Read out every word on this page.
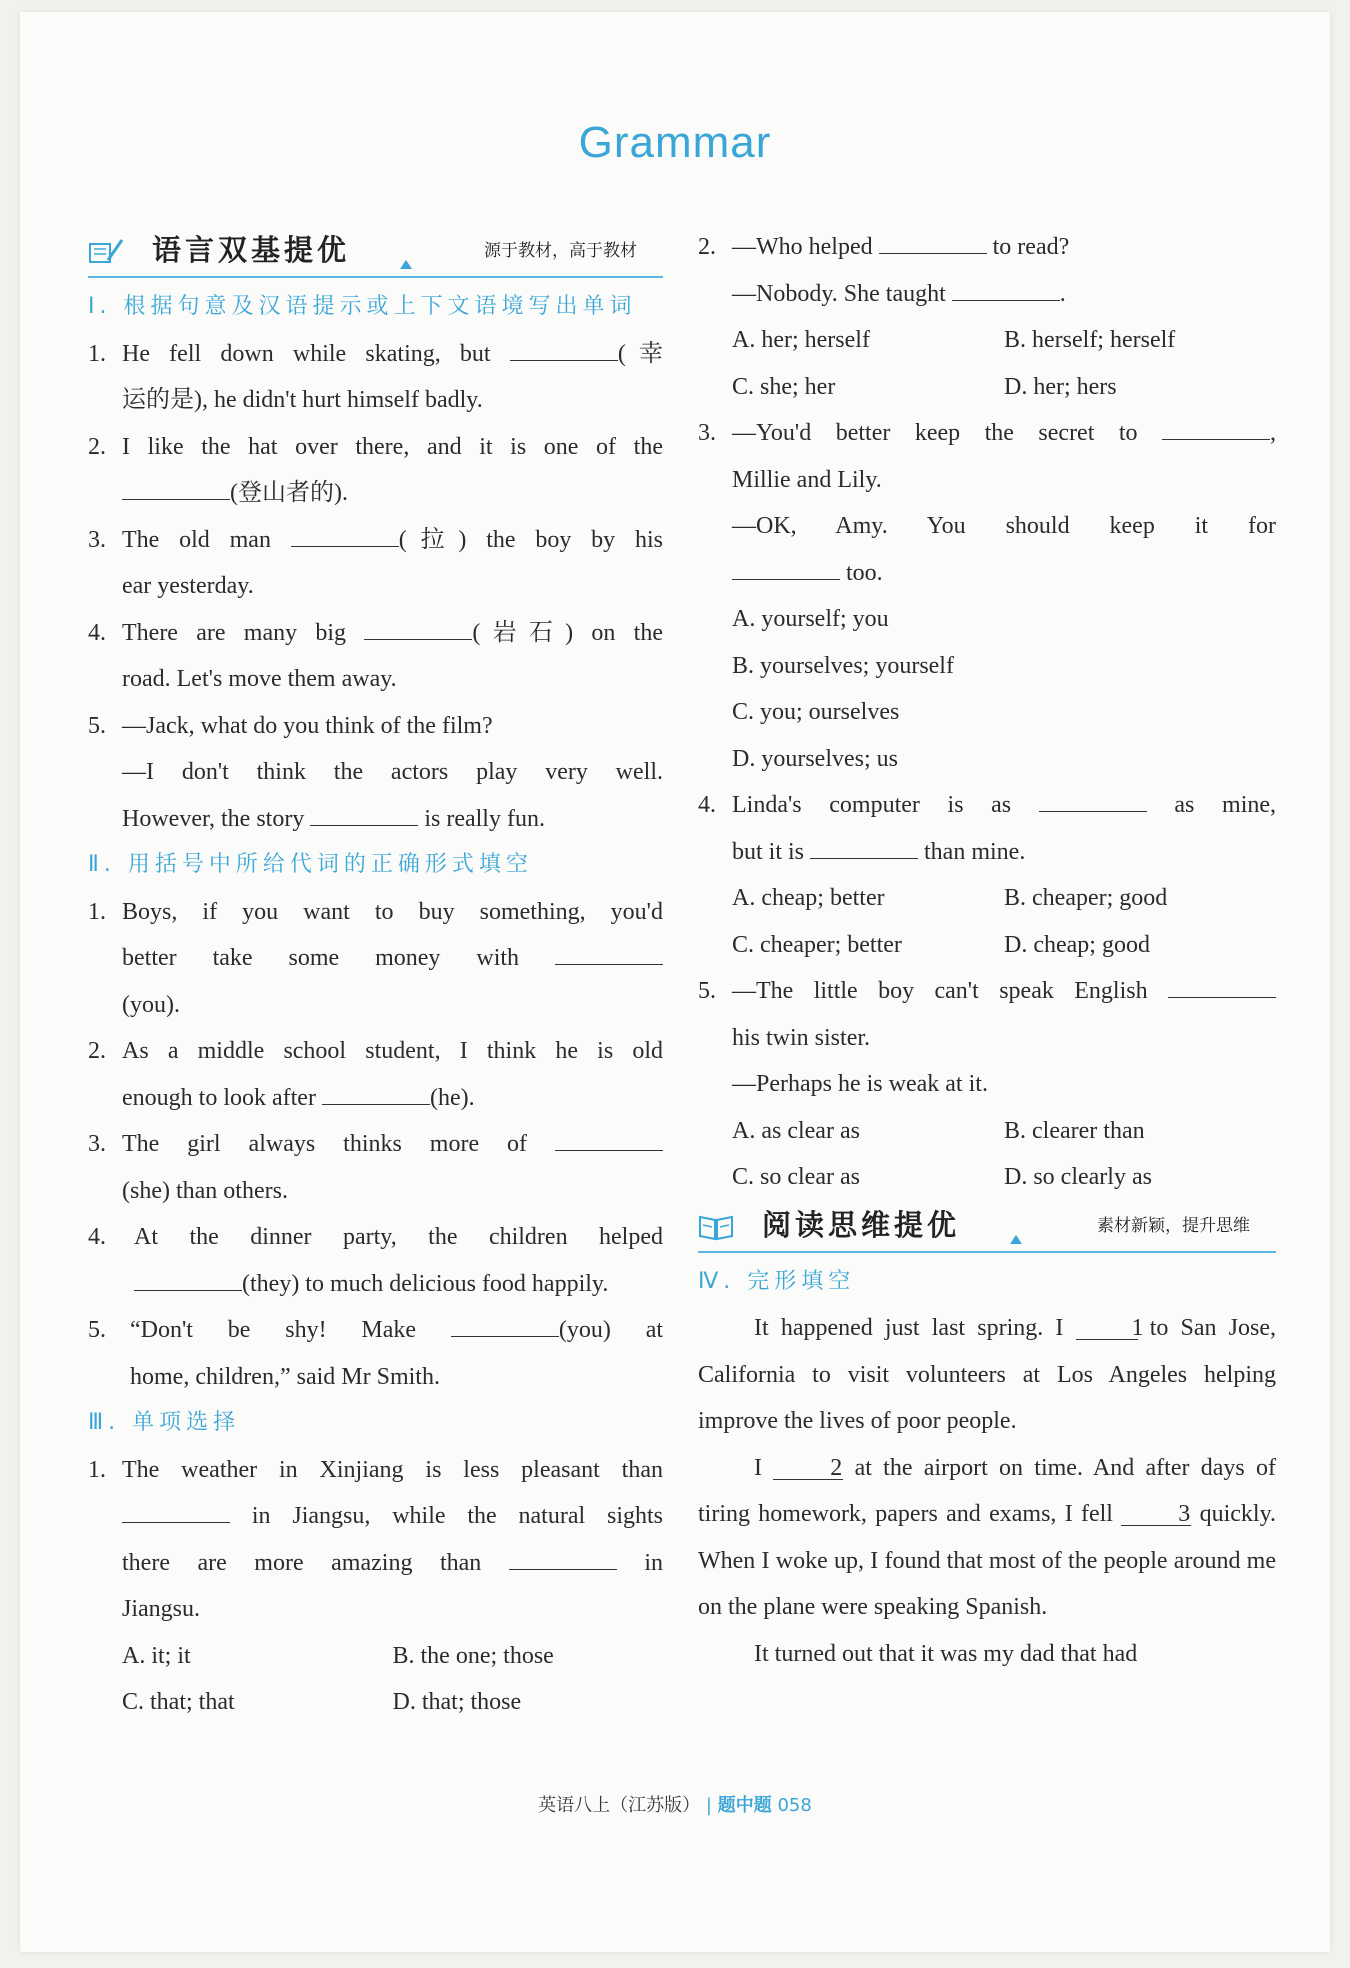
Grammar
语言双基提优	源于教材，高于教材
Ⅰ. 根据句意及汉语提示或上下文语境写出单词
1. He fell down while skating, but	(幸
运的是), he didn't hurt himself badly.
2. I like the hat over there, and it is one of the
(登山者的).
3. The old man	(拉) the boy by his
ear yesterday.
4. There are many big	(岩石) on the
road. Let's move them away.
5. —Jack, what do you think of the film?
—I don't think the actors play very well.
However, the story	is really fun.
Ⅱ. 用括号中所给代词的正确形式填空
1. Boys, if you want to buy something, you'd
better take some money with
(you).
2. As a middle school student, I think he is old
enough to look after	(he).
3. The girl always thinks more of
(she) than others.
4.	At the dinner party, the children helped
(they) to much delicious food happily.
5.	“Don't be shy! Make	(you) at
home, children,” said Mr Smith.
Ⅲ. 单项选择
1. The weather in Xinjiang is less pleasant than
in Jiangsu, while the natural sights
there are more amazing than	in
Jiangsu.
A. it; it	B. the one; those
C. that; that	D. that; those
2. —Who helped	to read?
—Nobody. She taught	.
A. her; herself	B. herself; herself
C. she; her	D. her; hers
3. —You'd better keep the secret to	,
Millie and Lily.
—OK, Amy. You should keep it for
too.
A. yourself; you
B. yourselves; yourself
C. you; ourselves
D. yourselves; us
4. Linda's computer is as	as mine,
but it is	than mine.
A. cheap; better	B. cheaper; good
C. cheaper; better	D. cheap; good
5. —The little boy can't speak English
his twin sister.
—Perhaps he is weak at it.
A. as clear as	B. clearer than
C. so clear as	D. so clearly as
阅读思维提优	素材新颖，提升思维
Ⅳ. 完形填空
It happened just last spring. I	1 to San Jose, California to visit volunteers at Los Angeles helping improve the lives of poor people.
I	2 at the airport on time. And after days of tiring homework, papers and exams, I fell	3 quickly. When I woke up, I found that most of the people around me on the plane were speaking Spanish.
It turned out that it was my dad that had
英语八上（江苏版） | 题中题 058
